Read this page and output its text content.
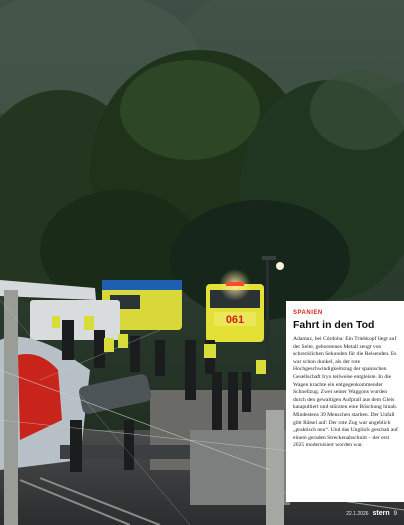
061
SPANIEN
Fahrt in den Tod
Adamuz, bei Córdoba: Ein Triebkopf liegt auf der Seite, geborstenes Metall zeugt von schrecklichen Sekunden für die Reisenden. Es war schon dunkel, als der rote Hochgeschwindigkeitszug der spanischen Gesellschaft Iryo teilweise entgleiste. In die Wagen krachte ein entgegenkommender Schnellzug. Zwei seiner Waggons wurden durch den gewaltigen Aufprall aus dem Gleis katapultiert und stürzten eine Böschung hinab. Mindestens 39 Menschen starben. Der Unfall gibt Rätsel auf: Der rote Zug war angeblich „praktisch neu“. Und das Unglück geschah auf einem geraden Streckenabschnitt – der erst 2025 modernisiert worden war.
22.1.2026 stern 9
